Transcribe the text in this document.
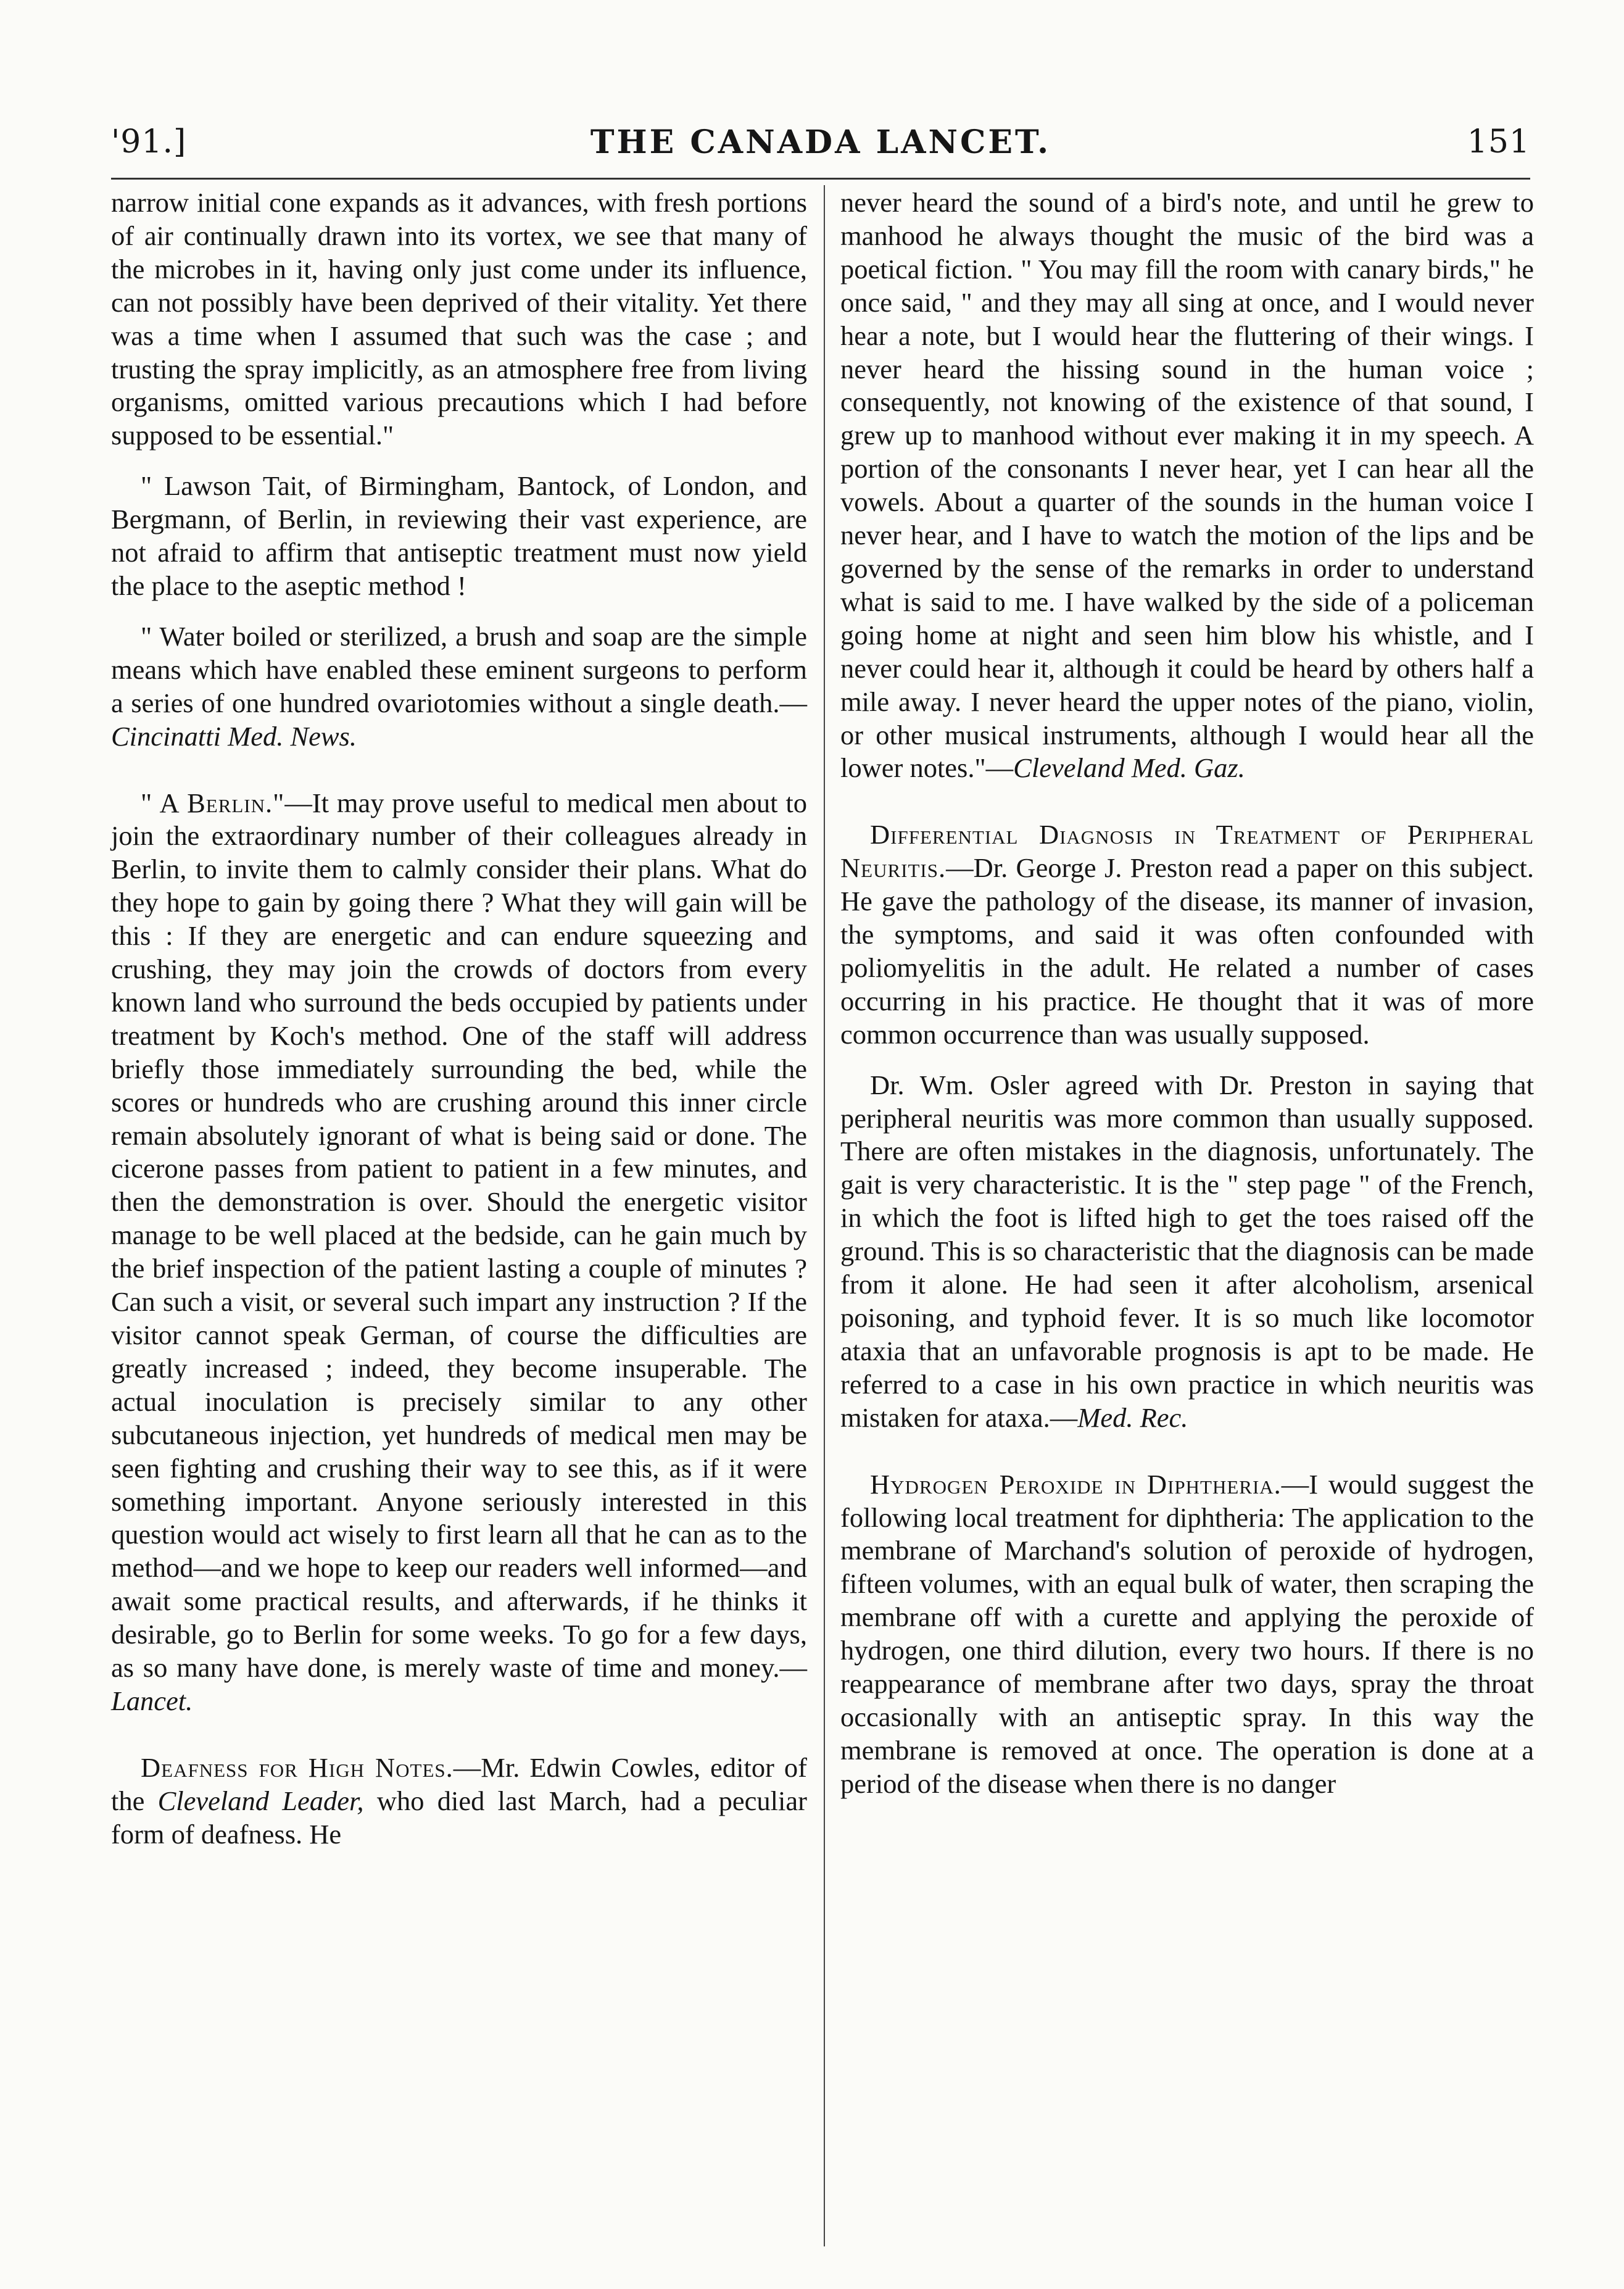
'91.]	THE CANADA LANCET.	151

narrow initial cone expands as it advances, with fresh portions of air continually drawn into its vortex, we see that many of the microbes in it, having only just come under its influence, can not possibly have been deprived of their vitality. Yet there was a time when I assumed that such was the case ; and trusting the spray implicitly, as an atmosphere free from living organisms, omitted various precautions which I had before supposed to be essential."

" Lawson Tait, of Birmingham, Bantock, of London, and Bergmann, of Berlin, in reviewing their vast experience, are not afraid to affirm that antiseptic treatment must now yield the place to the aseptic method !

" Water boiled or sterilized, a brush and soap are the simple means which have enabled these eminent surgeons to perform a series of one hundred ovariotomies without a single death.—Cincinatti Med. News.

" A Berlin."—It may prove useful to medical men about to join the extraordinary number of their colleagues already in Berlin, to invite them to calmly consider their plans. What do they hope to gain by going there ? What they will gain will be this : If they are energetic and can endure squeezing and crushing, they may join the crowds of doctors from every known land who surround the beds occupied by patients under treatment by Koch's method. One of the staff will address briefly those immediately surrounding the bed, while the scores or hundreds who are crushing around this inner circle remain absolutely ignorant of what is being said or done. The cicerone passes from patient to patient in a few minutes, and then the demonstration is over. Should the energetic visitor manage to be well placed at the bedside, can he gain much by the brief inspection of the patient lasting a couple of minutes ? Can such a visit, or several such impart any instruction ? If the visitor cannot speak German, of course the difficulties are greatly increased ; indeed, they become insuperable. The actual inoculation is precisely similar to any other subcutaneous injection, yet hundreds of medical men may be seen fighting and crushing their way to see this, as if it were something important. Anyone seriously interested in this question would act wisely to first learn all that he can as to the method—and we hope to keep our readers well informed—and await some practical results, and afterwards, if he thinks it desirable, go to Berlin for some weeks. To go for a few days, as so many have done, is merely waste of time and money.—Lancet.

Deafness for High Notes.—Mr. Edwin Cowles, editor of the Cleveland Leader, who died last March, had a peculiar form of deafness. He

never heard the sound of a bird's note, and until he grew to manhood he always thought the music of the bird was a poetical fiction. " You may fill the room with canary birds," he once said, " and they may all sing at once, and I would never hear a note, but I would hear the fluttering of their wings. I never heard the hissing sound in the human voice ; consequently, not knowing of the existence of that sound, I grew up to manhood without ever making it in my speech. A portion of the consonants I never hear, yet I can hear all the vowels. About a quarter of the sounds in the human voice I never hear, and I have to watch the motion of the lips and be governed by the sense of the remarks in order to understand what is said to me. I have walked by the side of a policeman going home at night and seen him blow his whistle, and I never could hear it, although it could be heard by others half a mile away. I never heard the upper notes of the piano, violin, or other musical instruments, although I would hear all the lower notes."—Cleveland Med. Gaz.

Differential Diagnosis in Treatment of Peripheral Neuritis.—Dr. George J. Preston read a paper on this subject. He gave the pathology of the disease, its manner of invasion, the symptoms, and said it was often confounded with poliomyelitis in the adult. He related a number of cases occurring in his practice. He thought that it was of more common occurrence than was usually supposed.

Dr. Wm. Osler agreed with Dr. Preston in saying that peripheral neuritis was more common than usually supposed. There are often mistakes in the diagnosis, unfortunately. The gait is very characteristic. It is the " step page " of the French, in which the foot is lifted high to get the toes raised off the ground. This is so characteristic that the diagnosis can be made from it alone. He had seen it after alcoholism, arsenical poisoning, and typhoid fever. It is so much like locomotor ataxia that an unfavorable prognosis is apt to be made. He referred to a case in his own practice in which neuritis was mistaken for ataxa.—Med. Rec.

Hydrogen Peroxide in Diphtheria.—I would suggest the following local treatment for diphtheria: The application to the membrane of Marchand's solution of peroxide of hydrogen, fifteen volumes, with an equal bulk of water, then scraping the membrane off with a curette and applying the peroxide of hydrogen, one third dilution, every two hours. If there is no reappearance of membrane after two days, spray the throat occasionally with an antiseptic spray. In this way the membrane is removed at once. The operation is done at a period of the disease when there is no danger
